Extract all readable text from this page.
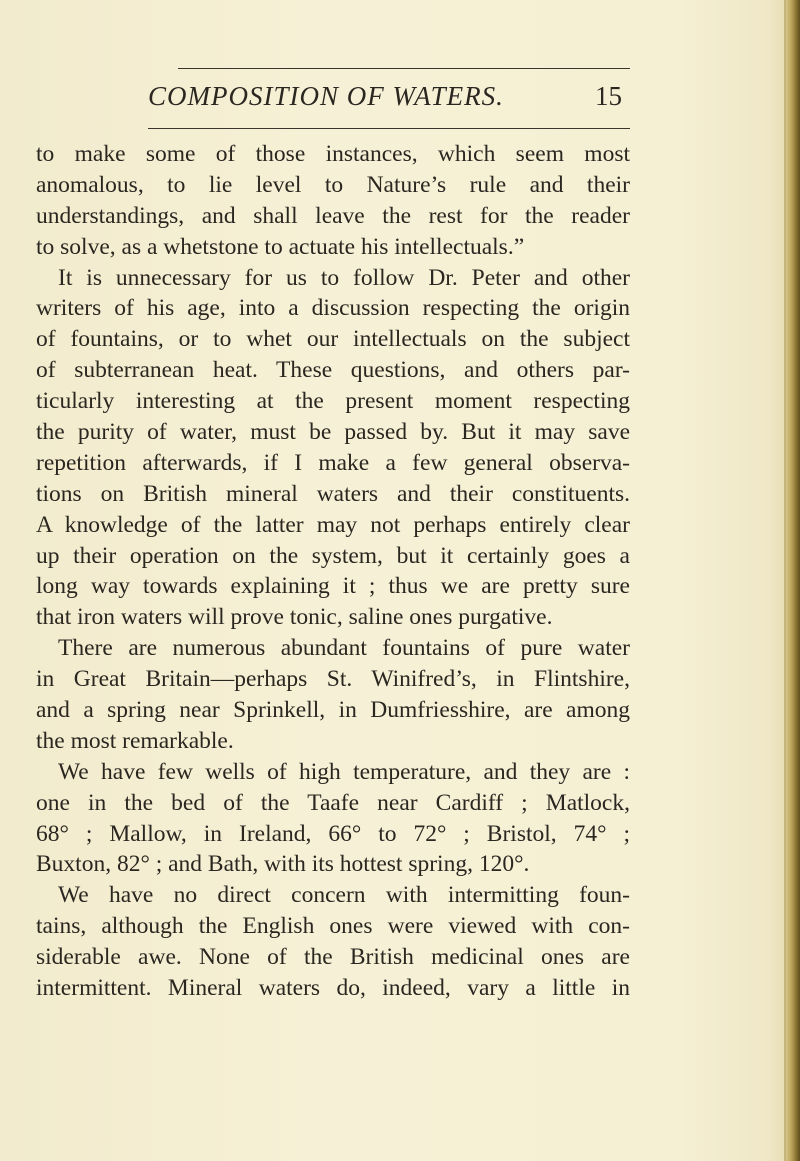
COMPOSITION OF WATERS.	15
to make some of those instances, which seem most
anomalous, to lie level to Nature’s rule and their
understandings, and shall leave the rest for the reader
to solve, as a whetstone to actuate his intellectuals.”
It is unnecessary for us to follow Dr. Peter and other
writers of his age, into a discussion respecting the origin
of fountains, or to whet our intellectuals on the subject
of subterranean heat. These questions, and others par-
ticularly interesting at the present moment respecting
the purity of water, must be passed by. But it may save
repetition afterwards, if I make a few general observa-
tions on British mineral waters and their constituents.
A knowledge of the latter may not perhaps entirely clear
up their operation on the system, but it certainly goes a
long way towards explaining it ; thus we are pretty sure
that iron waters will prove tonic, saline ones purgative.
There are numerous abundant fountains of pure water
in Great Britain—perhaps St. Winifred’s, in Flintshire,
and a spring near Sprinkell, in Dumfriesshire, are among
the most remarkable.
We have few wells of high temperature, and they are :
one in the bed of the Taafe near Cardiff ; Matlock,
68° ; Mallow, in Ireland, 66° to 72° ; Bristol, 74° ;
Buxton, 82° ; and Bath, with its hottest spring, 120°.
We have no direct concern with intermitting foun-
tains, although the English ones were viewed with con-
siderable awe. None of the British medicinal ones are
intermittent. Mineral waters do, indeed, vary a little in
